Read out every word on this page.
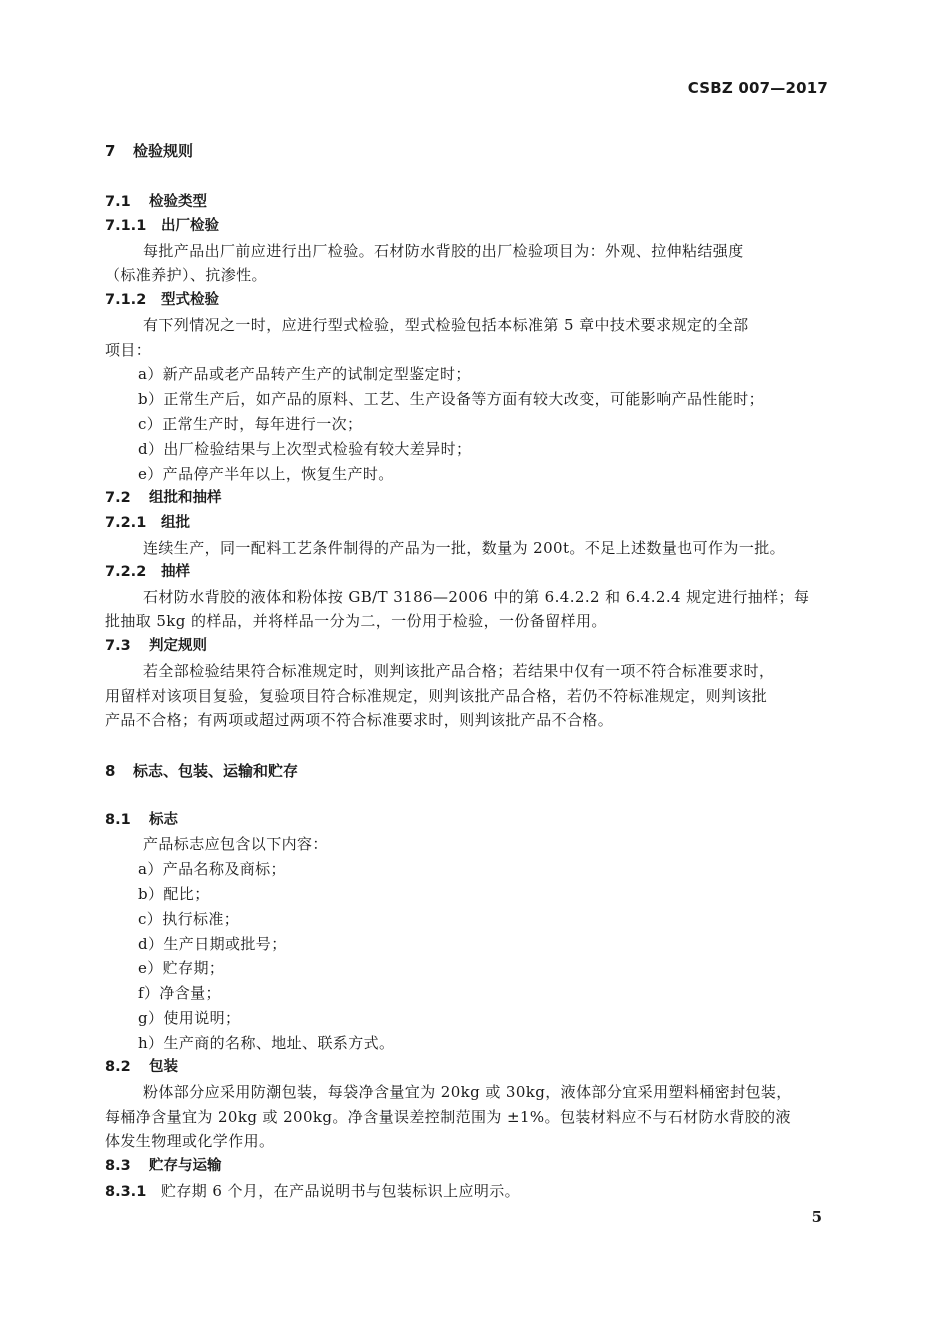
CSBZ 007—2017
7 检验规则
7.1 检验类型
7.1.1 出厂检验
每批产品出厂前应进行出厂检验。石材防水背胶的出厂检验项目为：外观、拉伸粘结强度
（标准养护）、抗渗性。
7.1.2 型式检验
有下列情况之一时，应进行型式检验，型式检验包括本标准第 5 章中技术要求规定的全部
项目：
a）新产品或老产品转产生产的试制定型鉴定时；
b）正常生产后，如产品的原料、工艺、生产设备等方面有较大改变，可能影响产品性能时；
c）正常生产时，每年进行一次；
d）出厂检验结果与上次型式检验有较大差异时；
e）产品停产半年以上，恢复生产时。
7.2 组批和抽样
7.2.1 组批
连续生产，同一配料工艺条件制得的产品为一批，数量为 200t。不足上述数量也可作为一批。
7.2.2 抽样
石材防水背胶的液体和粉体按 GB/T 3186—2006 中的第 6.4.2.2 和 6.4.2.4 规定进行抽样；每
批抽取 5kg 的样品，并将样品一分为二，一份用于检验，一份备留样用。
7.3 判定规则
若全部检验结果符合标准规定时，则判该批产品合格；若结果中仅有一项不符合标准要求时，
用留样对该项目复验，复验项目符合标准规定，则判该批产品合格，若仍不符标准规定，则判该批
产品不合格；有两项或超过两项不符合标准要求时，则判该批产品不合格。
8 标志、包装、运输和贮存
8.1 标志
产品标志应包含以下内容：
a）产品名称及商标；
b）配比；
c）执行标准；
d）生产日期或批号；
e）贮存期；
f）净含量；
g）使用说明；
h）生产商的名称、地址、联系方式。
8.2 包装
粉体部分应采用防潮包装，每袋净含量宜为 20kg 或 30kg，液体部分宜采用塑料桶密封包装，
每桶净含量宜为 20kg 或 200kg。净含量误差控制范围为 ±1%。包装材料应不与石材防水背胶的液
体发生物理或化学作用。
8.3 贮存与运输
8.3.1 贮存期 6 个月，在产品说明书与包装标识上应明示。
5
